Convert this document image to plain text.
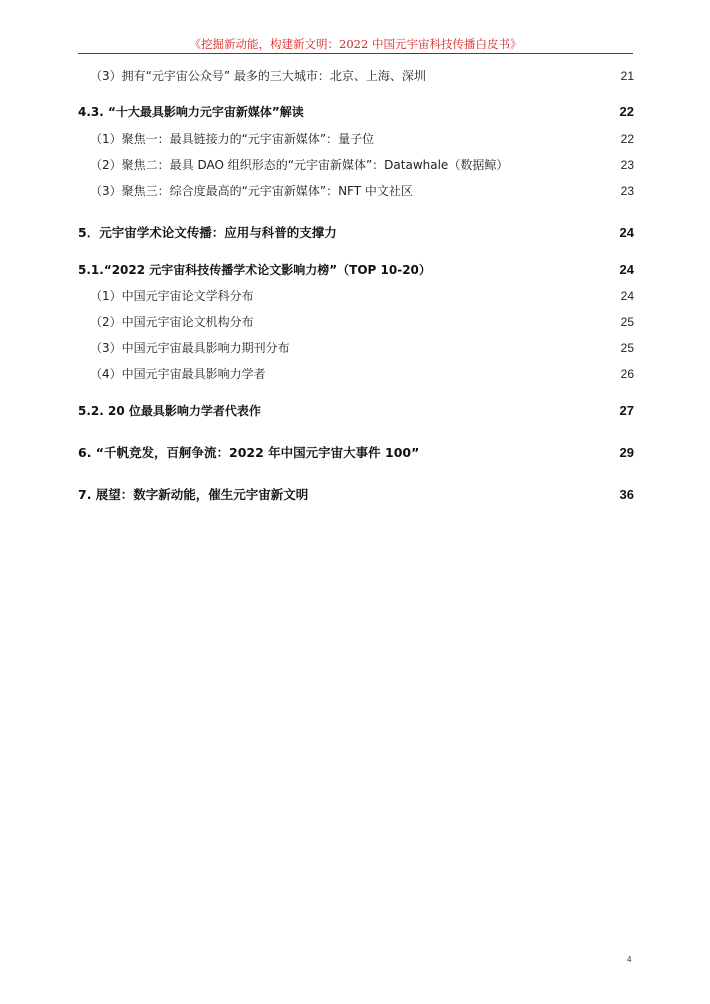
《挖掘新动能，构建新文明：2022 中国元宇宙科技传播白皮书》
（3）拥有“元宇宙公众号” 最多的三大城市：北京、上海、深圳	21
4.3. “十大最具影响力元宇宙新媒体”解读	22
（1）聚焦一：最具链接力的“元宇宙新媒体”：量子位	22
（2）聚焦二：最具 DAO 组织形态的“元宇宙新媒体”：Datawhale（数据鲸）	23
（3）聚焦三：综合度最高的“元宇宙新媒体”：NFT 中文社区	23
5．元宇宙学术论文传播：应用与科普的支撑力	24
5.1.“2022 元宇宙科技传播学术论文影响力榜”（TOP 10-20）	24
（1）中国元宇宙论文学科分布	24
（2）中国元宇宙论文机构分布	25
（3）中国元宇宙最具影响力期刊分布	25
（4）中国元宇宙最具影响力学者	26
5.2. 20 位最具影响力学者代表作	27
6. “千帆竞发，百舸争流：2022 年中国元宇宙大事件 100”	29
7. 展望：数字新动能，催生元宇宙新文明	36
4
